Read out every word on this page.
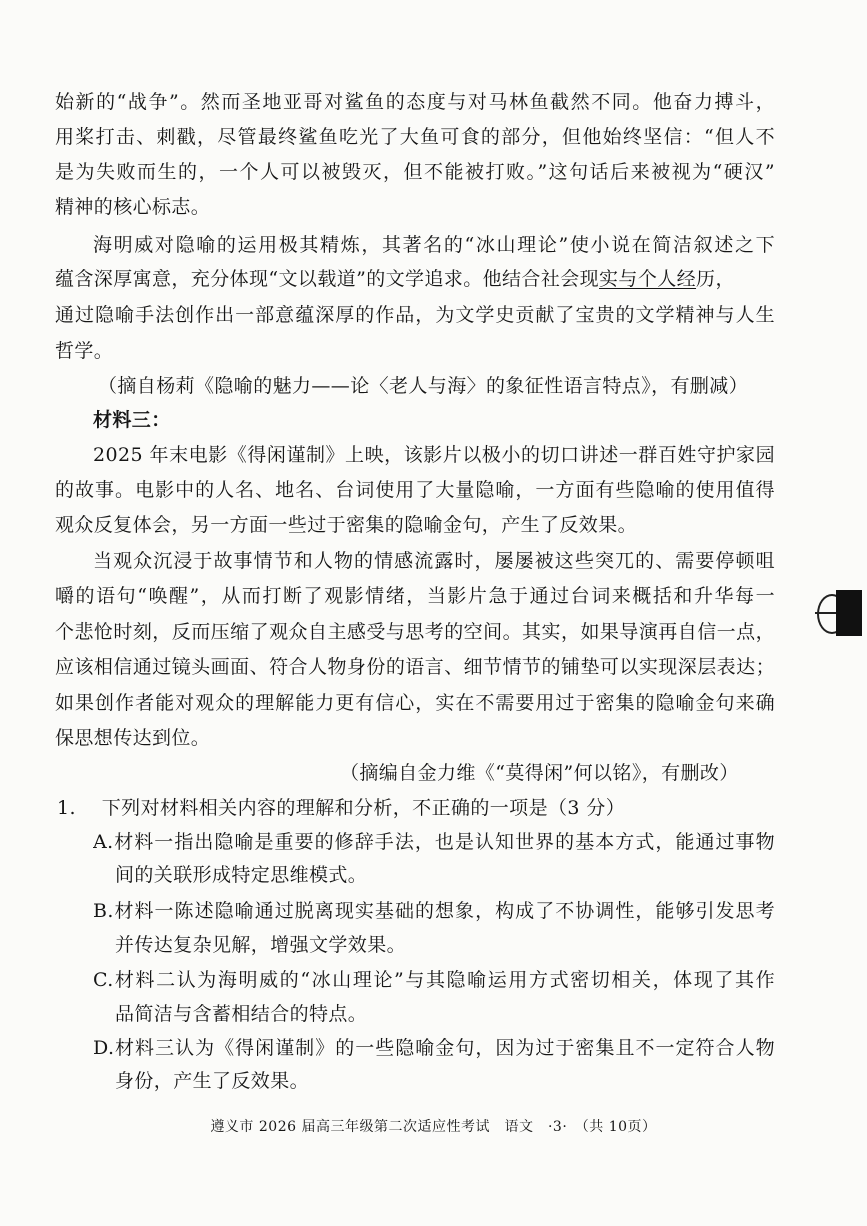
始新的“战争”。然而圣地亚哥对鲨鱼的态度与对马林鱼截然不同。他奋力搏斗，
用桨打击、刺戳，尽管最终鲨鱼吃光了大鱼可食的部分，但他始终坚信：“但人不
是为失败而生的，一个人可以被毁灭，但不能被打败。”这句话后来被视为“硬汉”
精神的核心标志。
海明威对隐喻的运用极其精炼，其著名的“冰山理论”使小说在简洁叙述之下
蕴含深厚寓意，充分体现“文以载道”的文学追求。他结合社会现实与个人经历，
通过隐喻手法创作出一部意蕴深厚的作品，为文学史贡献了宝贵的文学精神与人生
哲学。
（摘自杨莉《隐喻的魅力——论〈老人与海〉的象征性语言特点》，有删减）
材料三：
2025 年末电影《得闲谨制》上映，该影片以极小的切口讲述一群百姓守护家园
的故事。电影中的人名、地名、台词使用了大量隐喻，一方面有些隐喻的使用值得
观众反复体会，另一方面一些过于密集的隐喻金句，产生了反效果。
当观众沉浸于故事情节和人物的情感流露时，屡屡被这些突兀的、需要停顿咀
嚼的语句“唤醒”，从而打断了观影情绪，当影片急于通过台词来概括和升华每一
个悲怆时刻，反而压缩了观众自主感受与思考的空间。其实，如果导演再自信一点，
应该相信通过镜头画面、符合人物身份的语言、细节情节的铺垫可以实现深层表达；
如果创作者能对观众的理解能力更有信心，实在不需要用过于密集的隐喻金句来确
保思想传达到位。
（摘编自金力维《“莫得闲”何以铭》，有删改）
1.　 下列对材料相关内容的理解和分析，不正确的一项是（3 分）
A.材料一指出隐喻是重要的修辞手法，也是认知世界的基本方式，能通过事物
间的关联形成特定思维模式。
B.材料一陈述隐喻通过脱离现实基础的想象，构成了不协调性，能够引发思考
并传达复杂见解，增强文学效果。
C.材料二认为海明威的“冰山理论”与其隐喻运用方式密切相关，体现了其作
品简洁与含蓄相结合的特点。
D.材料三认为《得闲谨制》的一些隐喻金句，因为过于密集且不一定符合人物
身份，产生了反效果。
遵义市 2026 届高三年级第二次适应性考试　语文　·3·　（共 10页）
